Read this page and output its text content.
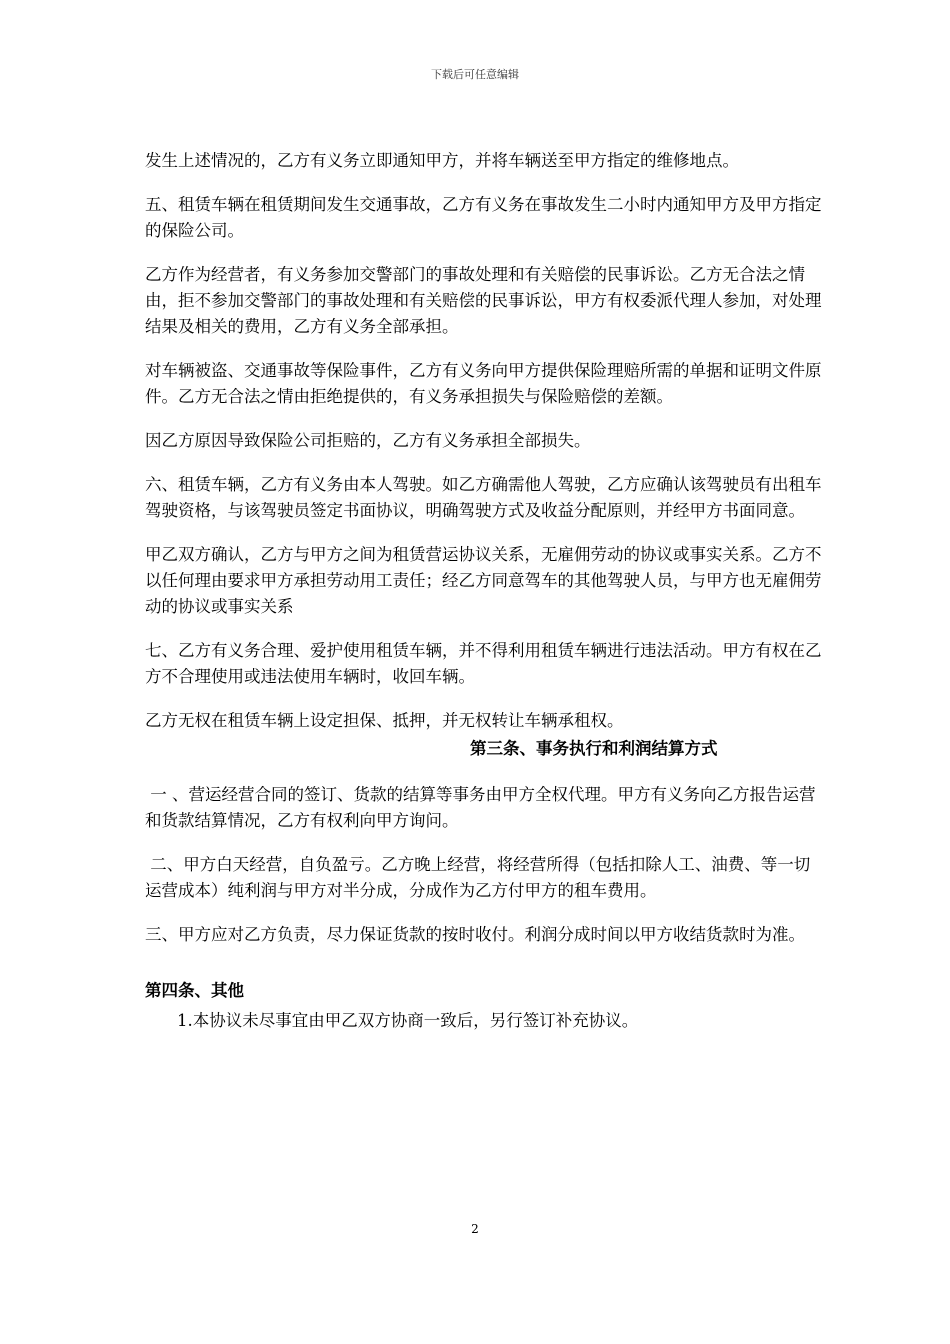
下载后可任意编辑

发生上述情况的，乙方有义务立即通知甲方，并将车辆送至甲方指定的维修地点。

五、租赁车辆在租赁期间发生交通事故，乙方有义务在事故发生二小时内通知甲方及甲方指定的保险公司。

乙方作为经营者，有义务参加交警部门的事故处理和有关赔偿的民事诉讼。乙方无合法之情由，拒不参加交警部门的事故处理和有关赔偿的民事诉讼，甲方有权委派代理人参加，对处理结果及相关的费用，乙方有义务全部承担。

对车辆被盗、交通事故等保险事件，乙方有义务向甲方提供保险理赔所需的单据和证明文件原件。乙方无合法之情由拒绝提供的，有义务承担损失与保险赔偿的差额。

因乙方原因导致保险公司拒赔的，乙方有义务承担全部损失。

六、租赁车辆，乙方有义务由本人驾驶。如乙方确需他人驾驶，乙方应确认该驾驶员有出租车驾驶资格，与该驾驶员签定书面协议，明确驾驶方式及收益分配原则，并经甲方书面同意。

甲乙双方确认，乙方与甲方之间为租赁营运协议关系，无雇佣劳动的协议或事实关系。乙方不以任何理由要求甲方承担劳动用工责任；经乙方同意驾车的其他驾驶人员，与甲方也无雇佣劳动的协议或事实关系

七、乙方有义务合理、爱护使用租赁车辆，并不得利用租赁车辆进行违法活动。甲方有权在乙方不合理使用或违法使用车辆时，收回车辆。

乙方无权在租赁车辆上设定担保、抵押，并无权转让车辆承租权。

第三条、事务执行和利润结算方式

一 、营运经营合同的签订、货款的结算等事务由甲方全权代理。甲方有义务向乙方报告运营和货款结算情况，乙方有权利向甲方询问。

二、甲方白天经营，自负盈亏。乙方晚上经营，将经营所得（包括扣除人工、油费、等一切运营成本）纯利润与甲方对半分成，分成作为乙方付甲方的租车费用。

三、甲方应对乙方负责，尽力保证货款的按时收付。利润分成时间以甲方收结货款时为准。

第四条、其他

1.本协议未尽事宜由甲乙双方协商一致后，另行签订补充协议。

2
